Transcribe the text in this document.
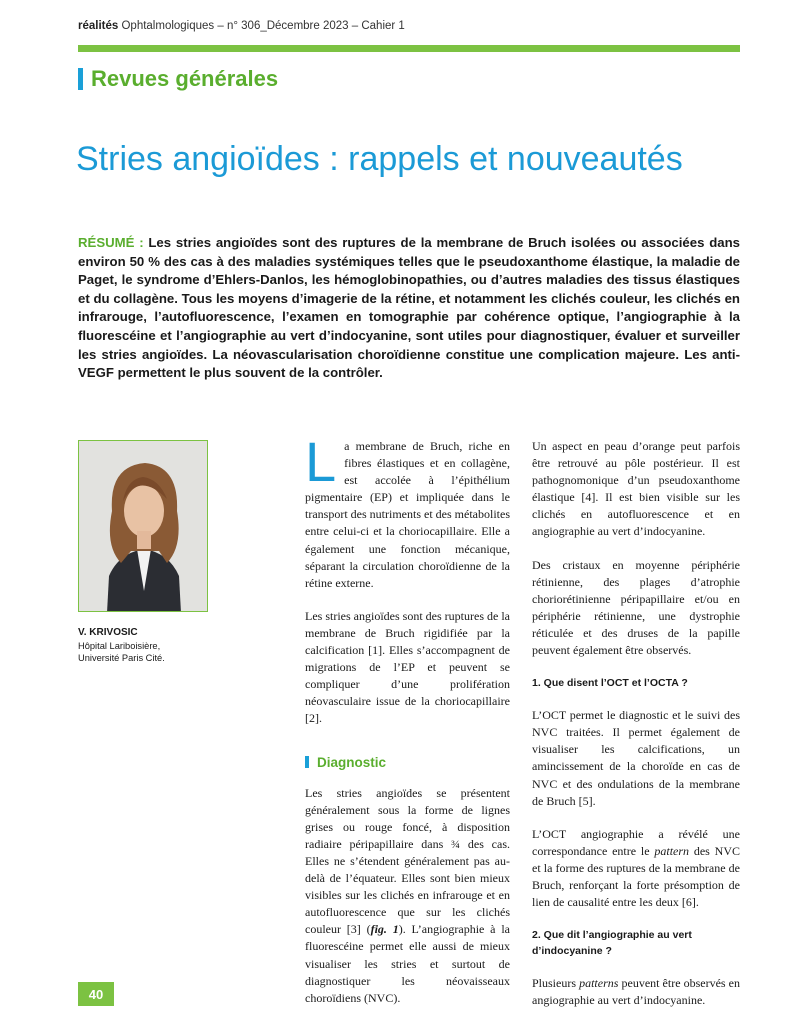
réalités Ophtalmologiques – n° 306_Décembre 2023 – Cahier 1
Revues générales
Stries angioïdes : rappels et nouveautés
RÉSUMÉ : Les stries angioïdes sont des ruptures de la membrane de Bruch isolées ou associées dans environ 50 % des cas à des maladies systémiques telles que le pseudoxanthome élastique, la maladie de Paget, le syndrome d’Ehlers-Danlos, les hémoglobinopathies, ou d’autres maladies des tissus élastiques et du collagène. Tous les moyens d’imagerie de la rétine, et notamment les clichés couleur, les clichés en infrarouge, l’autofluorescence, l’examen en tomographie par cohérence optique, l’angiographie à la fluorescéine et l’angiographie au vert d’indocyanine, sont utiles pour diagnostiquer, évaluer et surveiller les stries angioïdes. La néovascularisation choroïdienne constitue une complication majeure. Les anti-VEGF permettent le plus souvent de la contrôler.
V. KRIVOSIC
Hôpital Lariboisière,
Université Paris Cité.

La membrane de Bruch, riche en fibres élastiques et en collagène, est accolée à l’épithélium pigmentaire (EP) et impliquée dans le transport des nutriments et des métabolites entre celui-ci et la choriocapillaire. Elle a également une fonction mécanique, séparant la circulation choroïdienne de la rétine externe.

Les stries angioïdes sont des ruptures de la membrane de Bruch rigidifiée par la calcification [1]. Elles s’accompagnent de migrations de l’EP et peuvent se compliquer d’une prolifération néovasculaire issue de la choriocapillaire [2].

Diagnostic

Les stries angioïdes se présentent généralement sous la forme de lignes grises ou rouge foncé, à disposition radiaire péripapillaire dans ¾ des cas. Elles ne s’étendent généralement pas au-delà de l’équateur. Elles sont bien mieux visibles sur les clichés en infrarouge et en autofluorescence que sur les clichés couleur [3] (fig. 1). L’angiographie à la fluorescéine permet elle aussi de mieux visualiser les stries et surtout de diagnostiquer les néovaisseaux choroïdiens (NVC).

Un aspect en peau d’orange peut parfois être retrouvé au pôle postérieur. Il est pathognomonique d’un pseudoxanthome élastique [4]. Il est bien visible sur les clichés en autofluorescence et en angiographie au vert d’indocyanine.

Des cristaux en moyenne périphérie rétinienne, des plages d’atrophie choriorétinienne péripapillaire et/ou en périphérie rétinienne, une dystrophie réticulée et des druses de la papille peuvent également être observés.

1. Que disent l’OCT et l’OCTA ?

L’OCT permet le diagnostic et le suivi des NVC traitées. Il permet également de visualiser les calcifications, un amincissement de la choroïde en cas de NVC et des ondulations de la membrane de Bruch [5].

L’OCT angiographie a révélé une correspondance entre le pattern des NVC et la forme des ruptures de la membrane de Bruch, renforçant la forte présomption de lien de causalité entre les deux [6].

2. Que dit l’angiographie au vert d’indocyanine ?

Plusieurs patterns peuvent être observés en angiographie au vert d’indocyanine.

40
